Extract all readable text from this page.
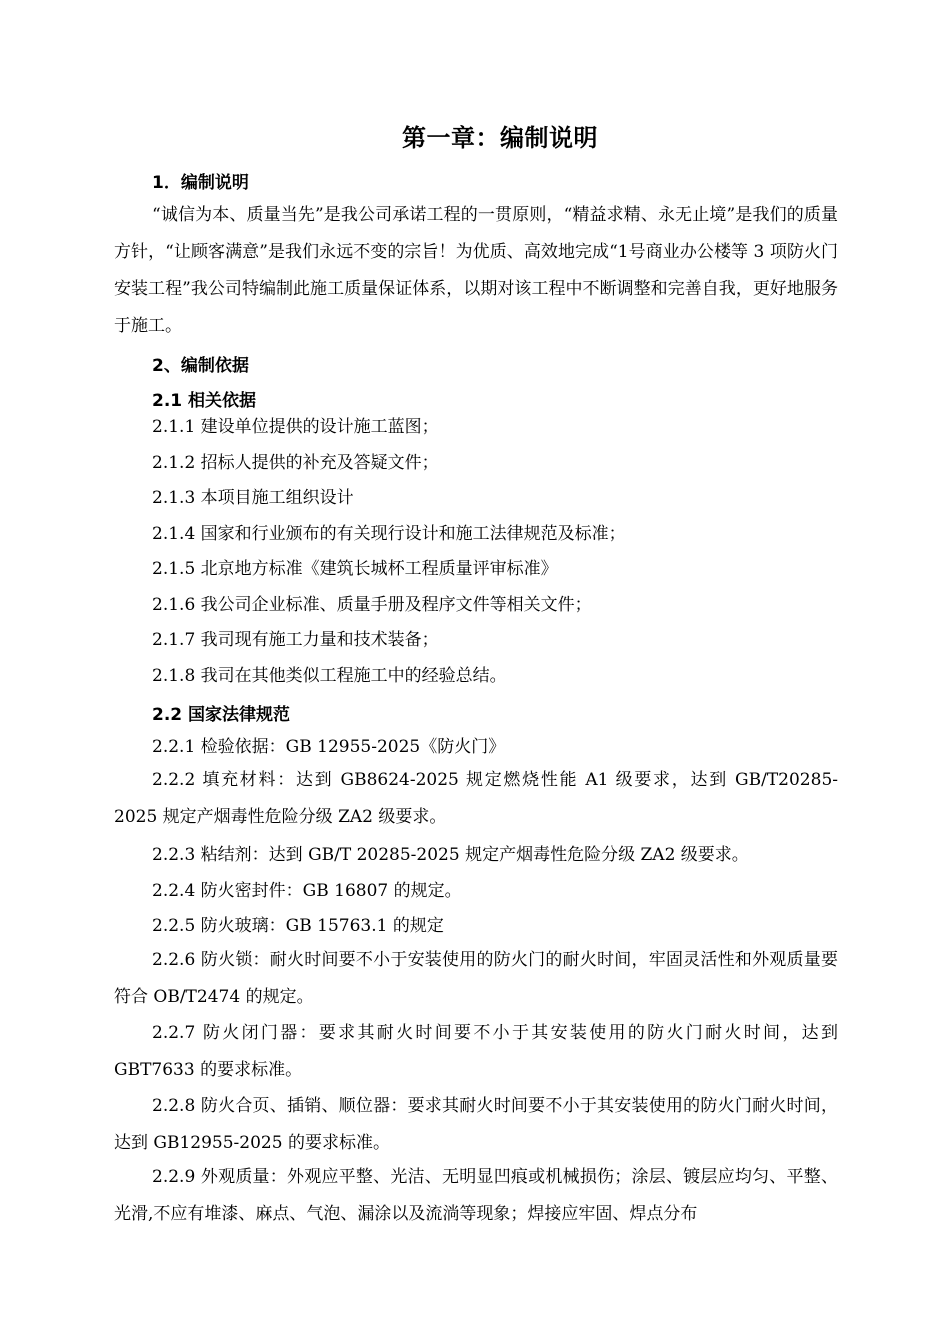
第一章：编制说明
1．编制说明
“诚信为本、质量当先”是我公司承诺工程的一贯原则，“精益求精、永无止境”是我们的质量方针，“让顾客满意”是我们永远不变的宗旨！为优质、高效地完成“1号商业办公楼等 3 项防火门安装工程”我公司特编制此施工质量保证体系，以期对该工程中不断调整和完善自我，更好地服务于施工。
2、编制依据
2.1 相关依据
2.1.1 建设单位提供的设计施工蓝图；
2.1.2 招标人提供的补充及答疑文件；
2.1.3 本项目施工组织设计
2.1.4 国家和行业颁布的有关现行设计和施工法律规范及标准；
2.1.5 北京地方标准《建筑长城杯工程质量评审标准》
2.1.6 我公司企业标准、质量手册及程序文件等相关文件；
2.1.7 我司现有施工力量和技术装备；
2.1.8 我司在其他类似工程施工中的经验总结。
2.2 国家法律规范
2.2.1 检验依据：GB 12955-2025《防火门》
2.2.2 填充材料：达到 GB8624-2025 规定燃烧性能 A1 级要求，达到 GB/T20285-2025 规定产烟毒性危险分级 ZA2 级要求。
2.2.3 粘结剂：达到 GB/T 20285-2025 规定产烟毒性危险分级 ZA2 级要求。
2.2.4 防火密封件：GB 16807 的规定。
2.2.5 防火玻璃：GB 15763.1 的规定
2.2.6 防火锁：耐火时间要不小于安装使用的防火门的耐火时间，牢固灵活性和外观质量要符合 OB/T2474 的规定。
2.2.7 防火闭门器：要求其耐火时间要不小于其安装使用的防火门耐火时间，达到 GBT7633 的要求标准。
2.2.8 防火合页、插销、顺位器：要求其耐火时间要不小于其安装使用的防火门耐火时间，达到 GB12955-2025 的要求标准。
2.2.9 外观质量：外观应平整、光洁、无明显凹痕或机械损伤；涂层、镀层应均匀、平整、光滑,不应有堆漆、麻点、气泡、漏涂以及流淌等现象；焊接应牢固、焊点分布
